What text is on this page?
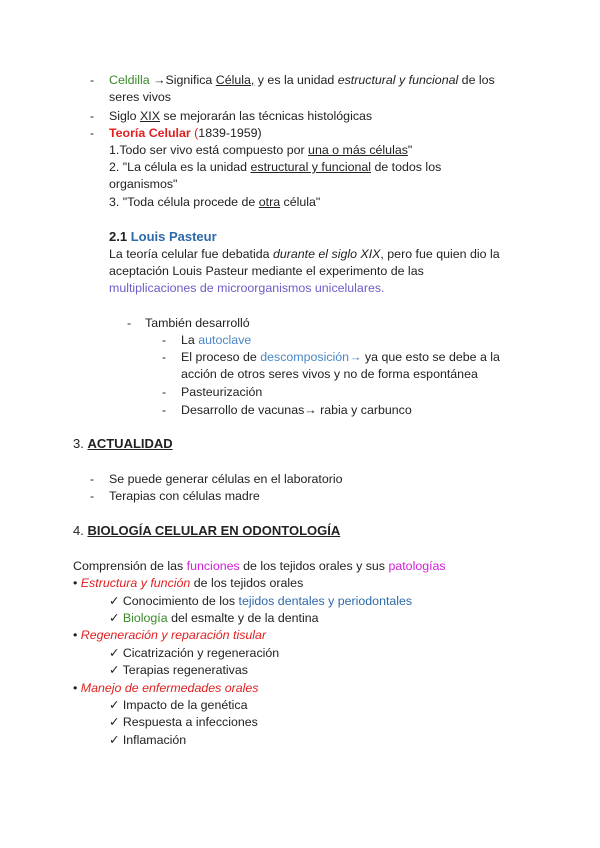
- Celdilla →Significa Célula, y es la unidad estructural y funcional de los
seres vivos
- Siglo XIX se mejorarán las técnicas histológicas
- Teoría Celular (1839-1959)
1.Todo ser vivo está compuesto por una o más células"
2. "La célula es la unidad estructural y funcional de todos los
organismos"
3. "Toda célula procede de otra célula"
2.1 Louis Pasteur
La teoría celular fue debatida durante el siglo XIX, pero fue quien dio la
aceptación Louis Pasteur mediante el experimento de las
multiplicaciones de microorganismos unicelulares.
- También desarrolló
- La autoclave
- El proceso de descomposición→ ya que esto se debe a la
acción de otros seres vivos y no de forma espontánea
- Pasteurización
- Desarrollo de vacunas→ rabia y carbunco
3. ACTUALIDAD
- Se puede generar células en el laboratorio
- Terapias con células madre
4. BIOLOGÍA CELULAR EN ODONTOLOGÍA
Comprensión de las funciones de los tejidos orales y sus patologías
• Estructura y función de los tejidos orales
✓ Conocimiento de los tejidos dentales y periodontales
✓ Biología del esmalte y de la dentina
• Regeneración y reparación tisular
✓ Cicatrización y regeneración
✓ Terapias regenerativas
• Manejo de enfermedades orales
✓ Impacto de la genética
✓ Respuesta a infecciones
✓ Inflamación
